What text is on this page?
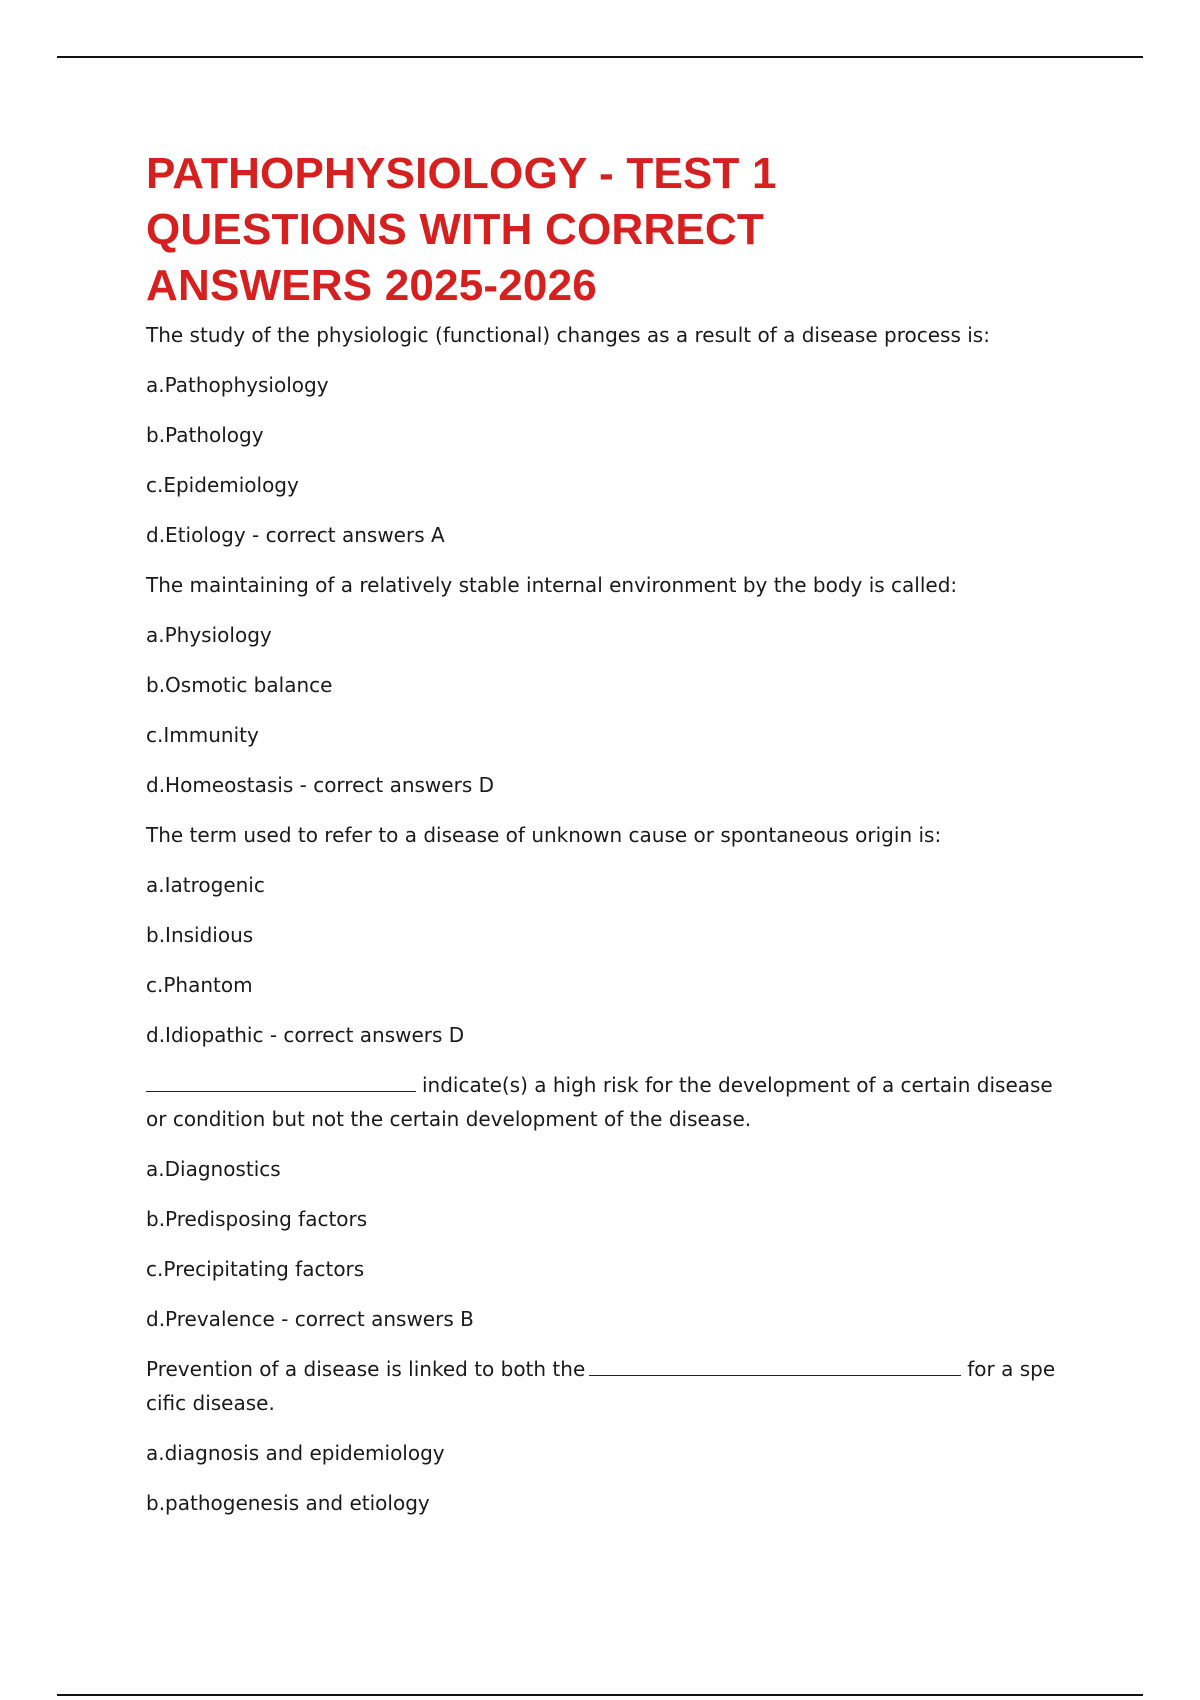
PATHOPHYSIOLOGY - TEST 1
QUESTIONS WITH CORRECT
ANSWERS 2025-2026

The study of the physiologic (functional) changes as a result of a disease process is:

a.Pathophysiology

b.Pathology

c.Epidemiology

d.Etiology - correct answers A

The maintaining of a relatively stable internal environment by the body is called:

a.Physiology

b.Osmotic balance

c.Immunity

d.Homeostasis - correct answers D

The term used to refer to a disease of unknown cause or spontaneous origin is:

a.Iatrogenic

b.Insidious

c.Phantom

d.Idiopathic - correct answers D

indicate(s) a high risk for the development of a certain disease

or condition but not the certain development of the disease.

a.Diagnostics

b.Predisposing factors

c.Precipitating factors

d.Prevalence - correct answers B

Prevention of a disease is linked to both the	for a spe

cific disease.

a.diagnosis and epidemiology

b.pathogenesis and etiology
